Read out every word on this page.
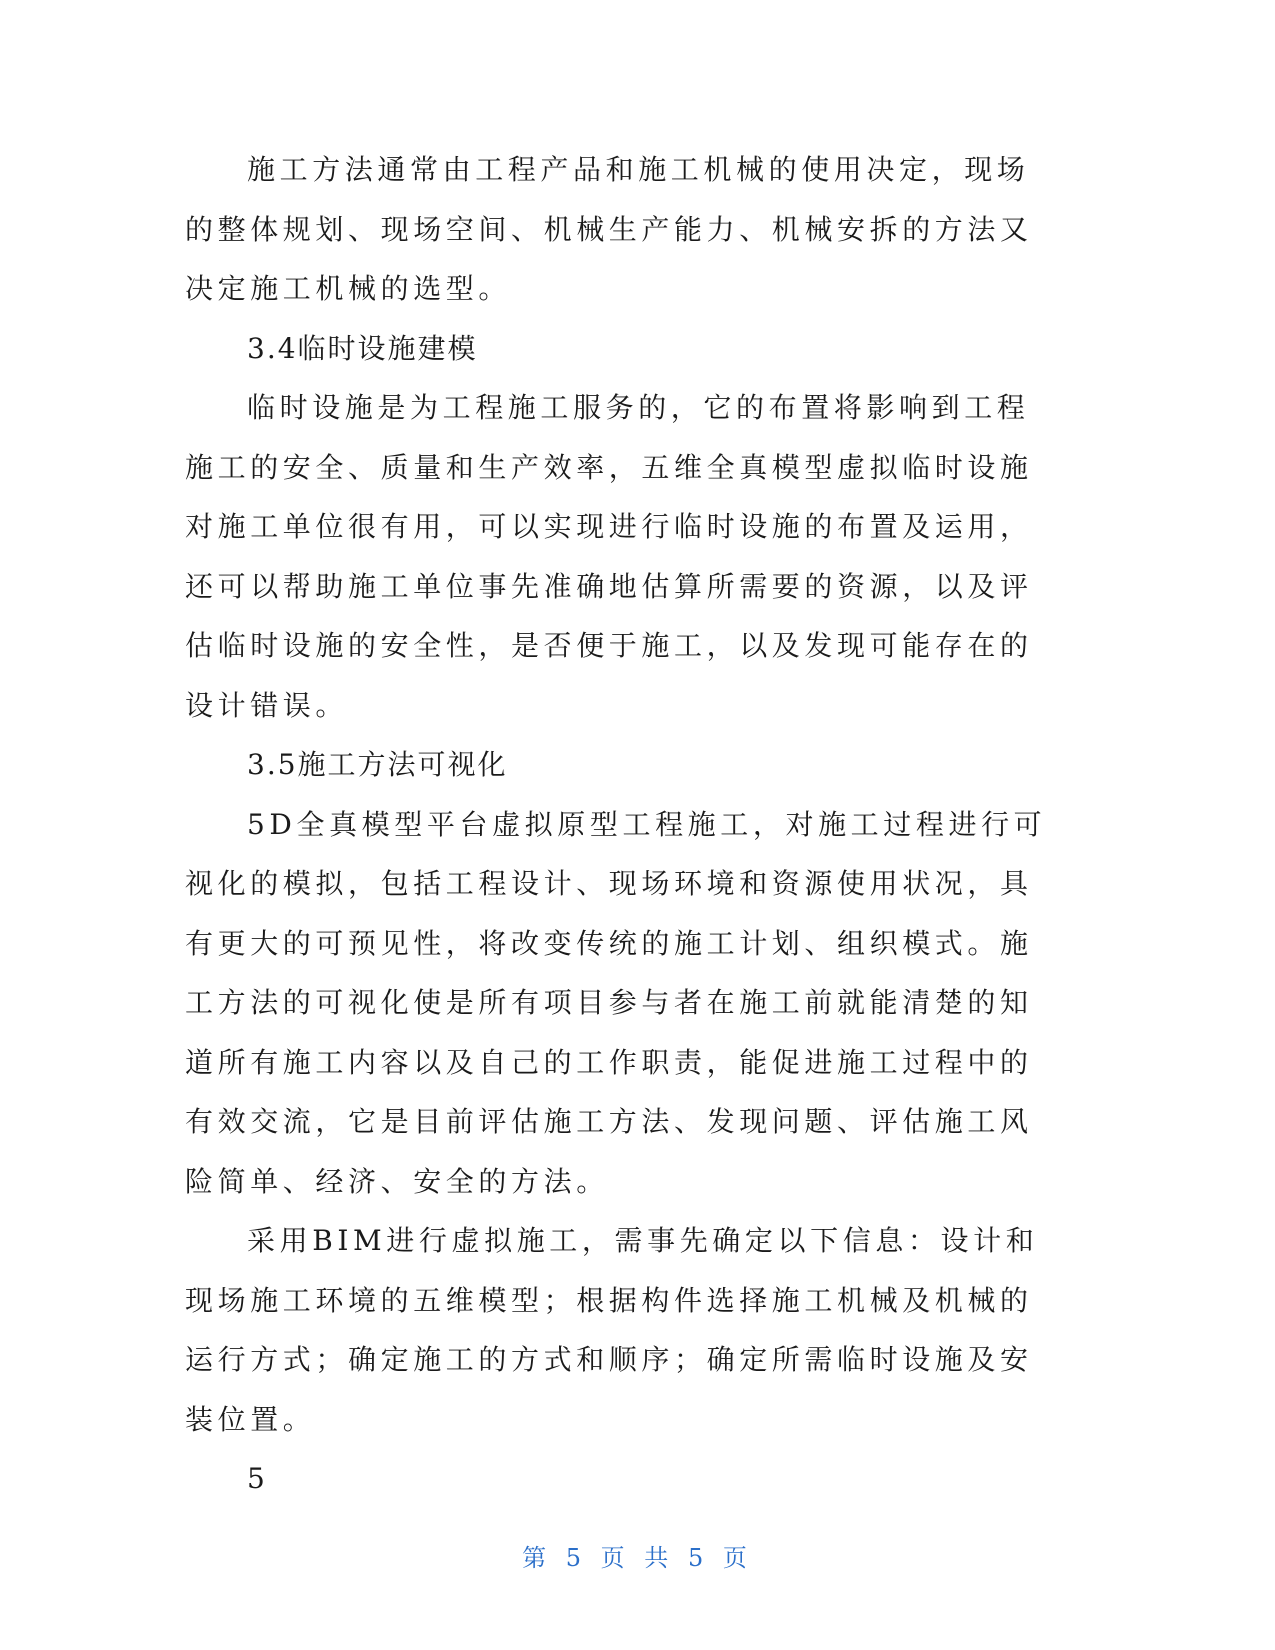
施工方法通常由工程产品和施工机械的使用决定，现场的整体规划、现场空间、机械生产能力、机械安拆的方法又决定施工机械的选型。

3.4临时设施建模

临时设施是为工程施工服务的，它的布置将影响到工程施工的安全、质量和生产效率，五维全真模型虚拟临时设施对施工单位很有用，可以实现进行临时设施的布置及运用，还可以帮助施工单位事先准确地估算所需要的资源，以及评估临时设施的安全性，是否便于施工，以及发现可能存在的设计错误。

3.5施工方法可视化

5D全真模型平台虚拟原型工程施工，对施工过程进行可视化的模拟，包括工程设计、现场环境和资源使用状况，具有更大的可预见性，将改变传统的施工计划、组织模式。施工方法的可视化使是所有项目参与者在施工前就能清楚的知道所有施工内容以及自己的工作职责，能促进施工过程中的有效交流，它是目前评估施工方法、发现问题、评估施工风险简单、经济、安全的方法。

采用BIM进行虚拟施工，需事先确定以下信息：设计和现场施工环境的五维模型；根据构件选择施工机械及机械的运行方式；确定施工的方式和顺序；确定所需临时设施及安装位置。

5

第 5 页 共 5 页
